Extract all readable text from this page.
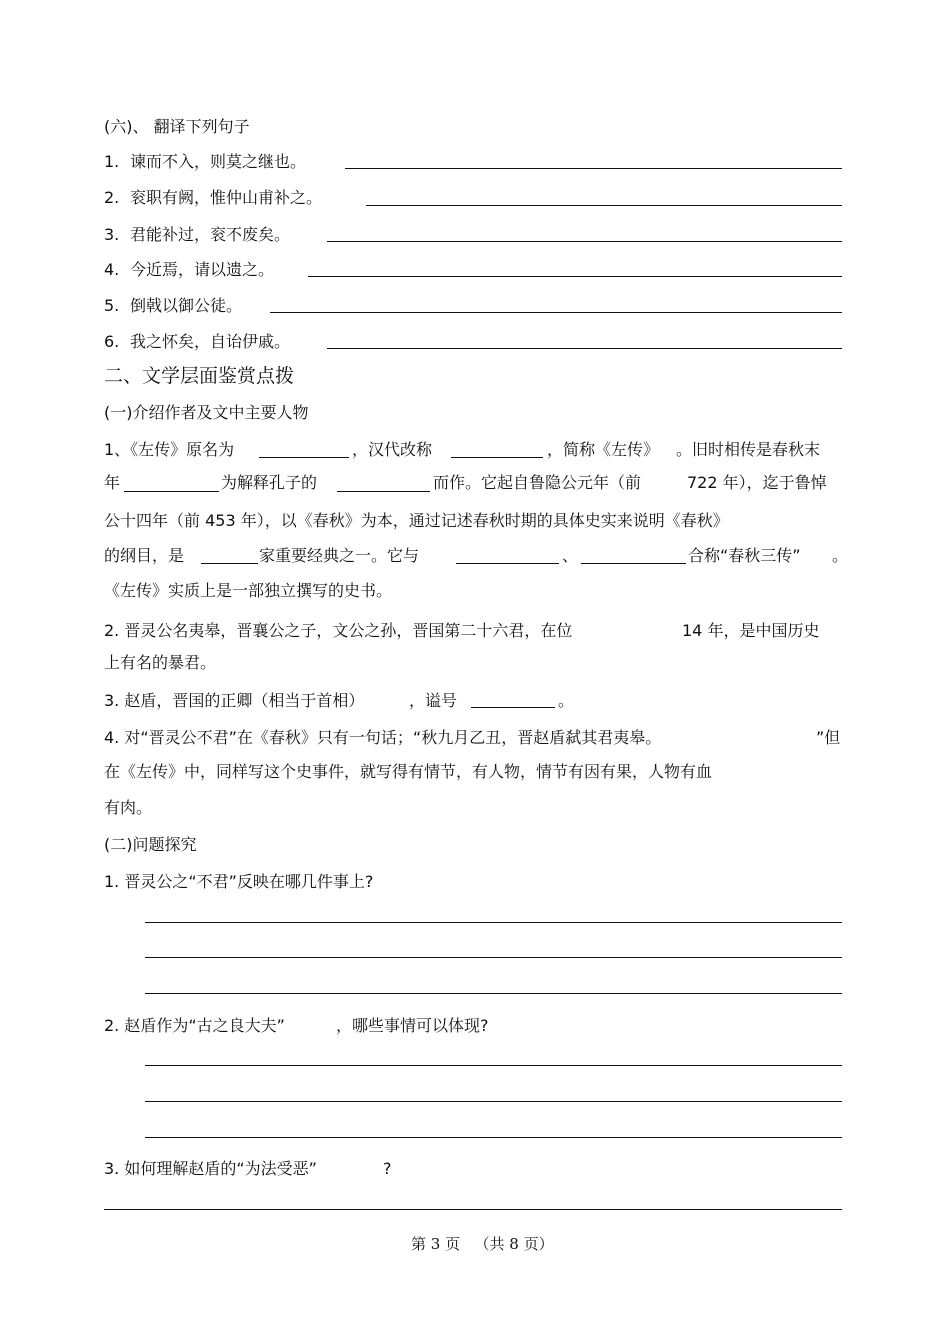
(六)、 翻译下列句子
1. 谏而不入，则莫之继也。
2. 衮职有阙，惟仲山甫补之。
3. 君能补过，衮不废矣。
4. 今近焉，请以遗之。
5. 倒戟以御公徒。
6. 我之怀矣，自诒伊戚。
二、文学层面鉴赏点拨
(一)介绍作者及文中主要人物
1、《左传》原名为	，汉代改称	，简称《左传》 。旧时相传是春秋末
年	为解释孔子的	而作。它起自鲁隐公元年（前	722 年），迄于鲁悼
公十四年（前 453 年），以《春秋》为本，通过记述春秋时期的具体史实来说明《春秋》
的纲目，是	家重要经典之一。它与	、	合称“春秋三传” 。
《左传》实质上是一部独立撰写的史书。
2. 晋灵公名夷皋，晋襄公之子，文公之孙，晋国第二十六君，在位	14 年，是中国历史
上有名的暴君。
3. 赵盾，晋国的正卿（相当于首相）	，谥号	。
4. 对“晋灵公不君”在《春秋》只有一句话；“秋九月乙丑，晋赵盾弑其君夷皋。	”但
在《左传》中，同样写这个史事件，就写得有情节，有人物，情节有因有果，人物有血
有肉。
(二)问题探究
1. 晋灵公之“不君”反映在哪几件事上?
2. 赵盾作为“古之良大夫”	，哪些事情可以体现?
3. 如何理解赵盾的“为法受恶”	?
第 3 页 （共 8 页）
